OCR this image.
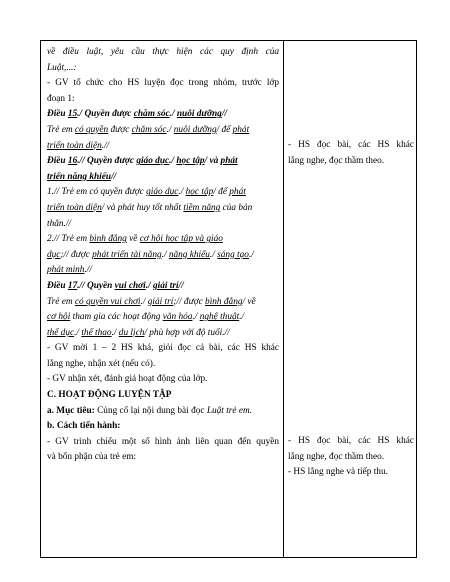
về điều luật, yêu cầu thực hiện các quy định của
Luật,...:
- GV tổ chức cho HS luyện đọc trong nhóm, trước lớp
đoạn 1:
Điều 15./ Quyền được chăm sóc./ nuôi dưỡng//
Trẻ em có quyền được chăm sóc./ nuôi dưỡng/ để phát
triển toàn diện.//
Điều 16.// Quyền được giáo dục./ học tập/ và phát
triển năng khiếu//
1.// Trẻ em có quyền được giáo dục./ học tập/ để phát
triển toàn diện/ và phát huy tốt nhất tiềm năng của bản
thân.//
2.// Trẻ em bình đẳng về cơ hội học tập và giáo
dục;// được phát triển tài năng./ năng khiếu./ sáng tạo./
phát minh.//
Điều 17.// Quyền vui chơi./ giải trí//
Trẻ em có quyền vui chơi./ giải trí;// được bình đẳng/ về
cơ hội tham gia các hoạt động văn hóa./ nghệ thuật./
thể dục./ thể thao./ du lịch/ phù hợp với độ tuổi.//
- GV mời 1 – 2 HS khá, giỏi đọc cả bài, các HS khác
lắng nghe, nhận xét (nếu có).
- GV nhận xét, đánh giá hoạt động của lớp.
C. HOẠT ĐỘNG LUYỆN TẬP
a. Mục tiêu: Củng cố lại nội dung bài đọc Luật trẻ em.
b. Cách tiến hành:
- GV trình chiếu một số hình ảnh liên quan đến quyền
và bổn phận của trẻ em:
- HS đọc bài, các HS khác
lắng nghe, đọc thầm theo.
- HS đọc bài, các HS khác
lắng nghe, đọc thầm theo.
- HS lắng nghe và tiếp thu.
